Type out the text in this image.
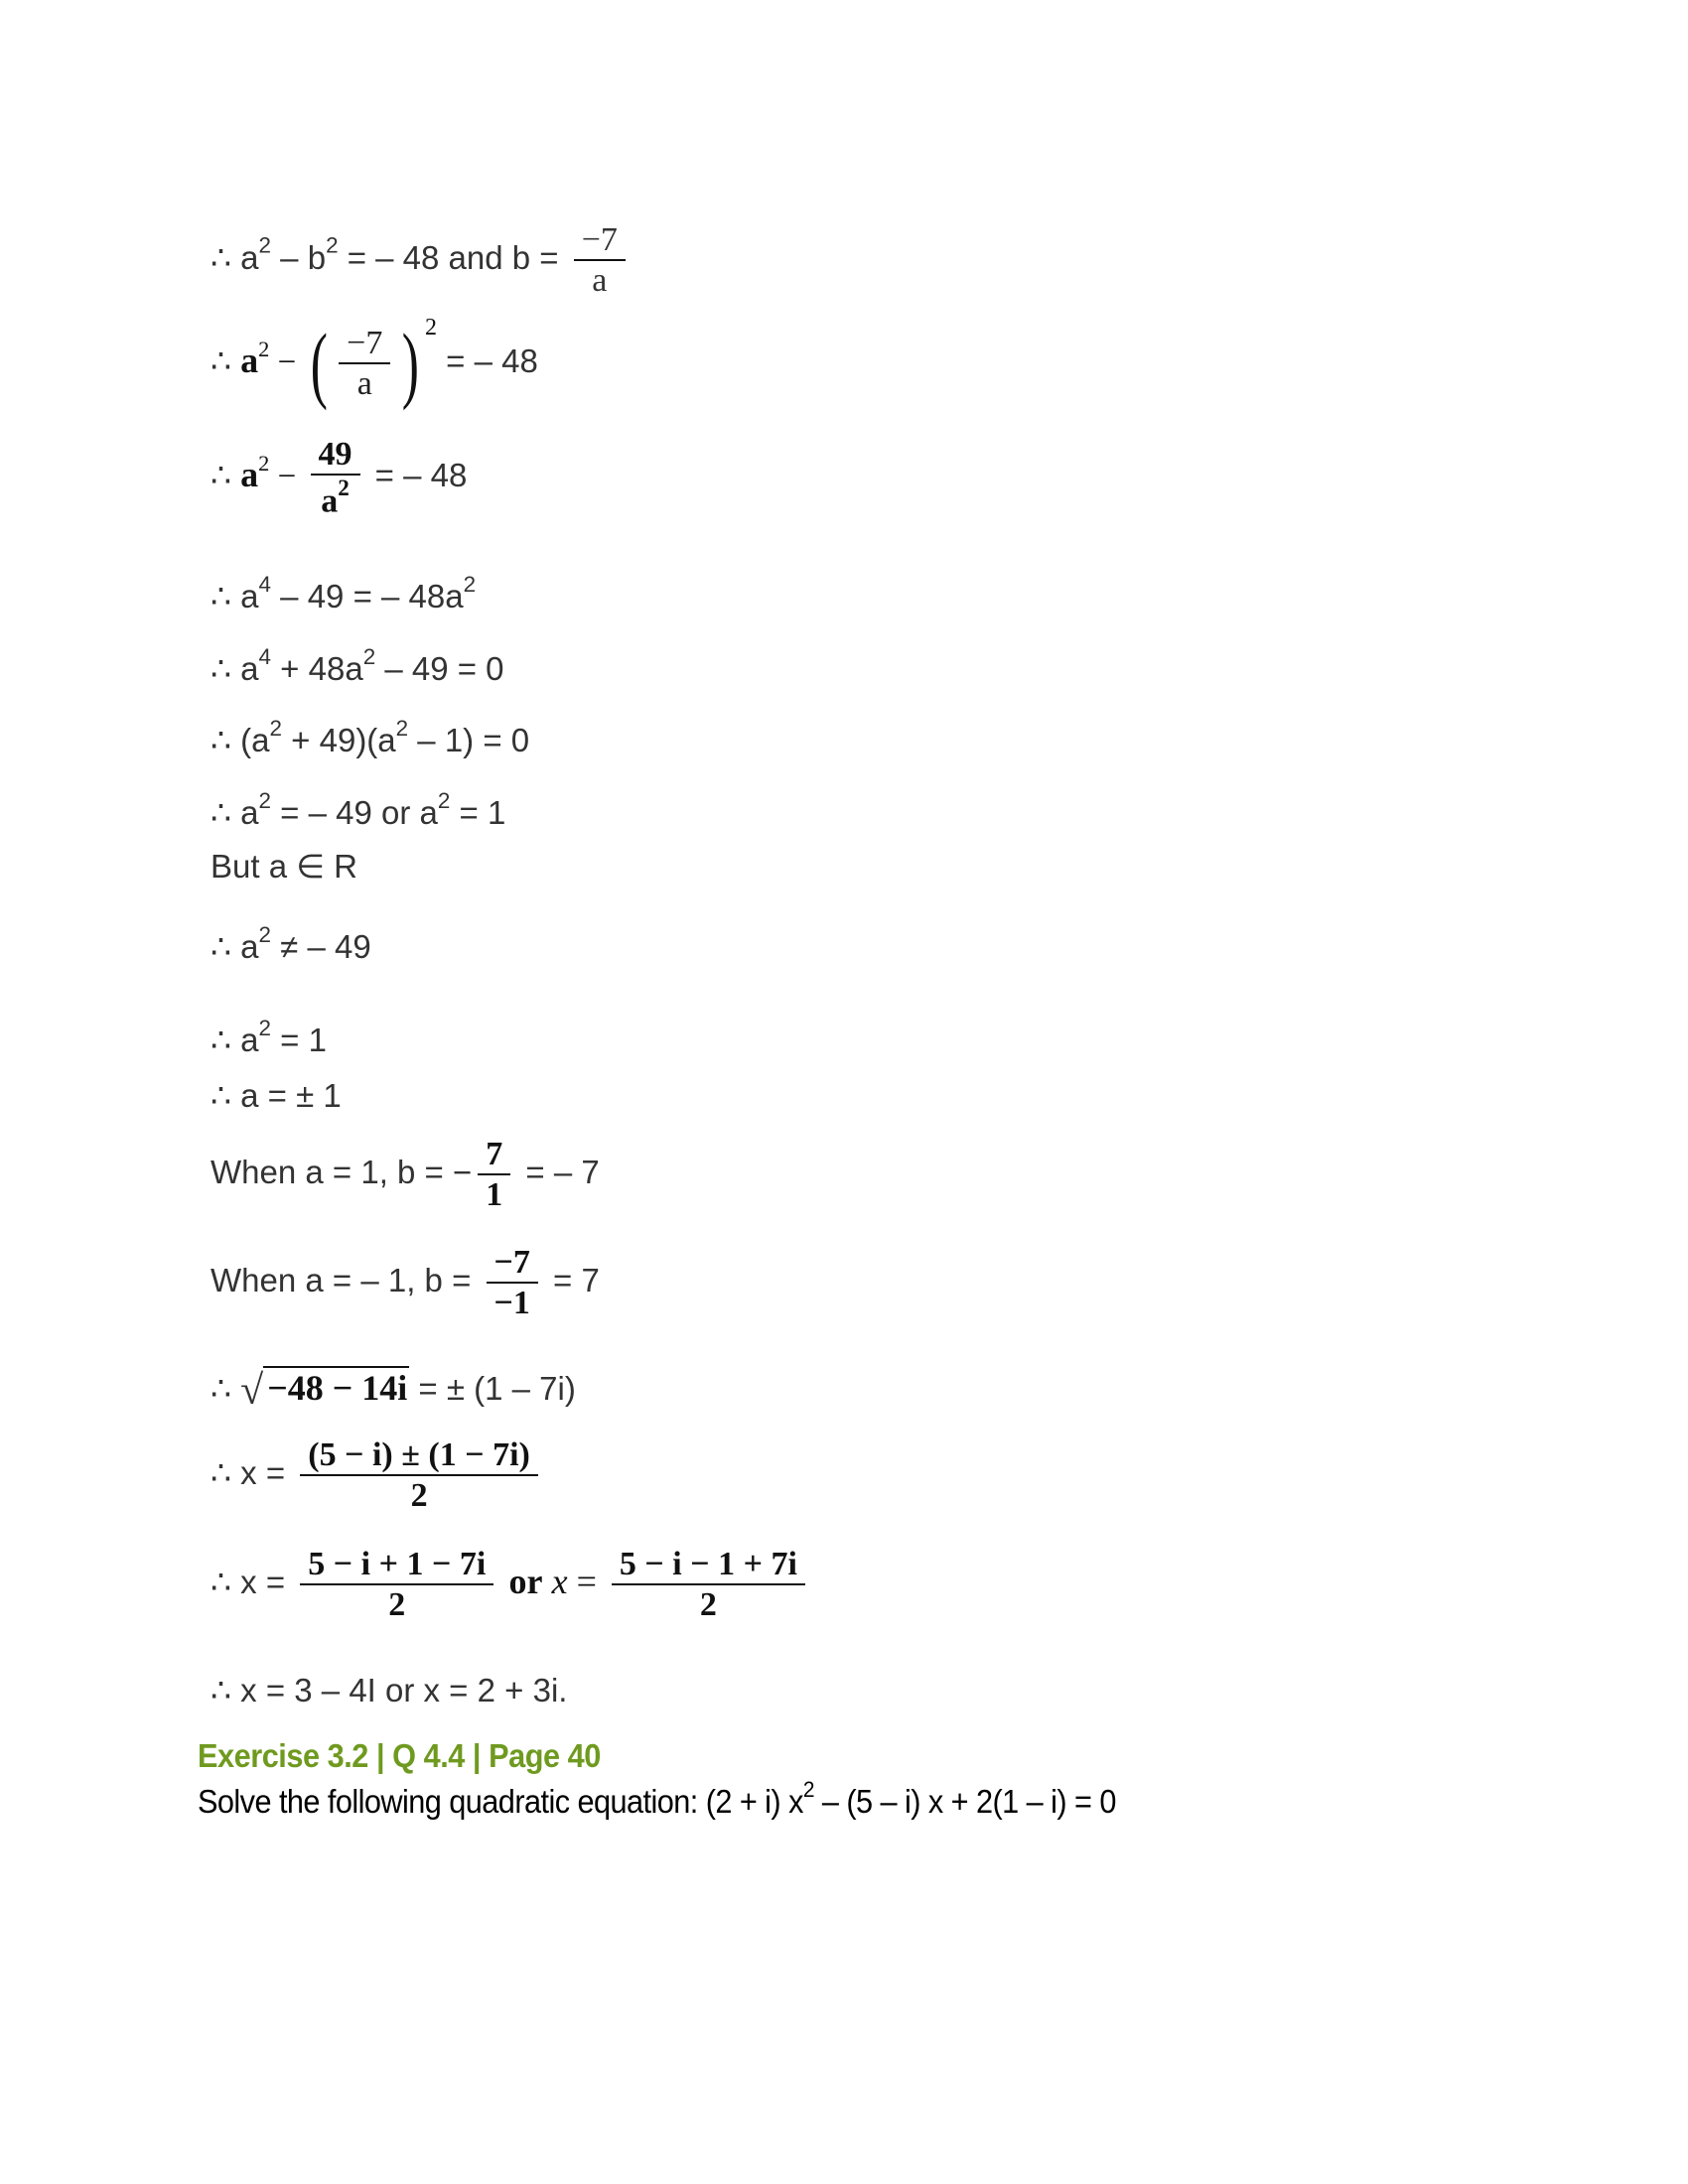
∴ $a^2 - b^2$ = – 48 and $b = \frac{-7}{a}$
∴ $a^2$ − ( $\frac{-7}{a}$ ) $^2$ = – 48
∴ $a^2 - \frac{49}{a^2}$ = – 48
∴ $a^4 - 49$ = – $48a^2$
∴ $a^4 + 48a^2 - 49 = 0$
∴ $(a^2 + 49)(a^2 - 1) = 0$
∴ $a^2$ = – 49 or $a^2 = 1$
But a ∈ R
∴ $a^2$ ≠ – 49
∴ $a^2 = 1$
∴ a = ± 1
When a = 1, b = − $\frac{7}{1}$ = – 7
When a = – 1, $b = \frac{-7}{-1} = 7$
∴ √ −48 − 14i = ± (1 – 7i)
∴ $x = \frac{(5 - i) \pm (1 - 7i)}{2}$
∴ $x = \frac{5 - i + 1 - 7i}{2}$ or $x = \frac{5 - i - 1 + 7i}{2}$
∴ x = 3 – 4I or x = 2 + 3i.
Exercise 3.2 | Q 4.4 | Page 40
Solve the following quadratic equation: (2 + i) $x^2 - (5 - i) x + 2(1 - i) = 0$
